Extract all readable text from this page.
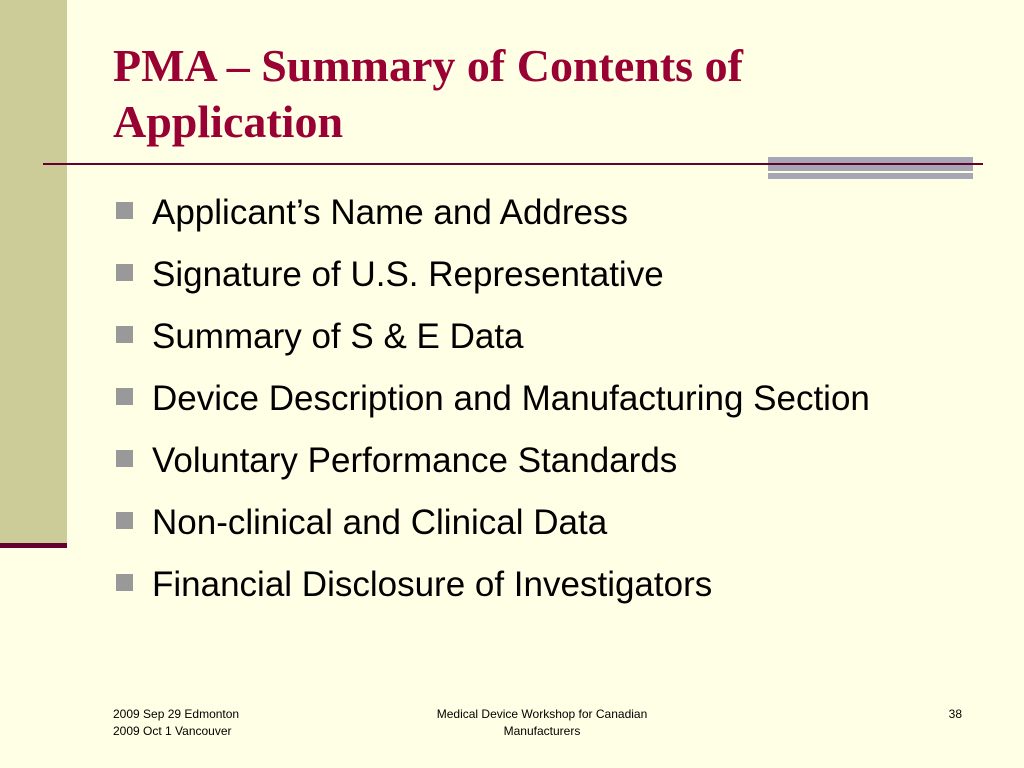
PMA – Summary of Contents of Application
Applicant’s Name and Address
Signature of U.S. Representative
Summary of S & E Data
Device Description and Manufacturing Section
Voluntary Performance Standards
Non-clinical and Clinical Data
Financial Disclosure of Investigators
2009 Sep 29 Edmonton
2009 Oct 1 Vancouver
Medical Device Workshop for Canadian
Manufacturers
38
